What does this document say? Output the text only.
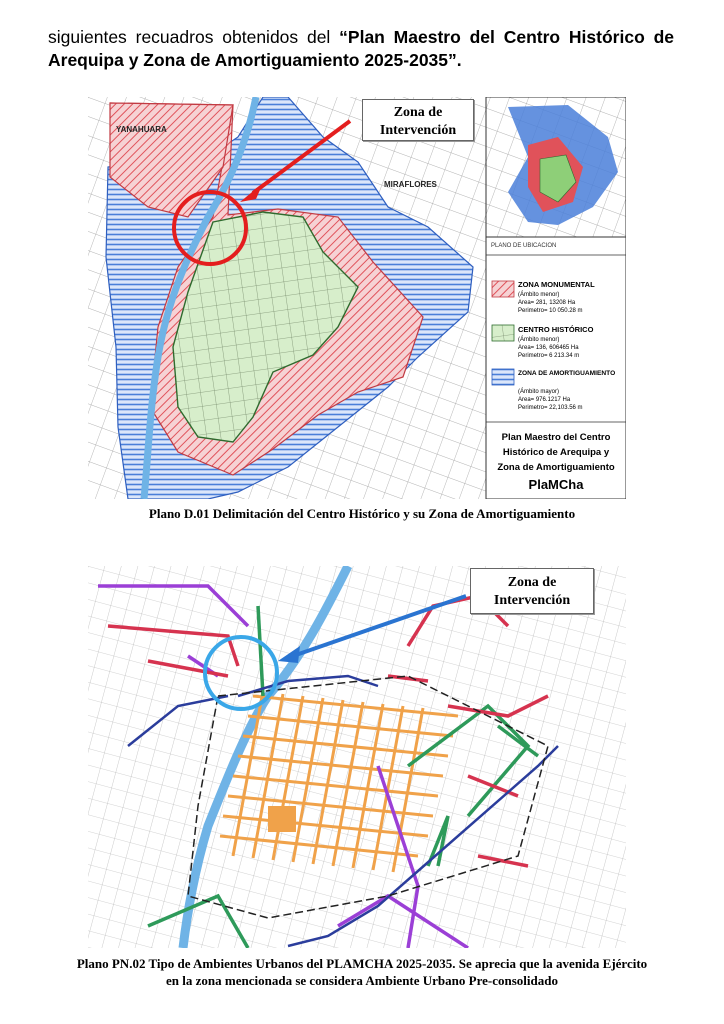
siguientes recuadros obtenidos del “Plan Maestro del Centro Histórico de Arequipa y Zona de Amortiguamiento 2025-2035”.
YANAHUARA
MIRAFLORES
PLANO DE UBICACION
ZONA MONUMENTAL
(Ámbito menor)
Area= 281, 13208 Ha
Perimetro= 10 050.28 m
CENTRO HISTÓRICO
(Ámbito menor)
Area= 136, 606465 Ha
Perimetro= 6 213.34 m
ZONA DE AMORTIGUAMIENTO
(Ámbito mayor)
Area= 976.1217 Ha
Perimetro= 22,103.56 m
Plan Maestro del Centro Histórico de Arequipa y Zona de Amortiguamiento
PlaMCha
Zona de Intervención
Plano D.01 Delimitación del Centro Histórico y su Zona de Amortiguamiento
Zona de Intervención
Plano PN.02 Tipo de Ambientes Urbanos del PLAMCHA 2025-2035. Se aprecia que la avenida Ejército
en la zona mencionada se considera Ambiente Urbano Pre-consolidado
